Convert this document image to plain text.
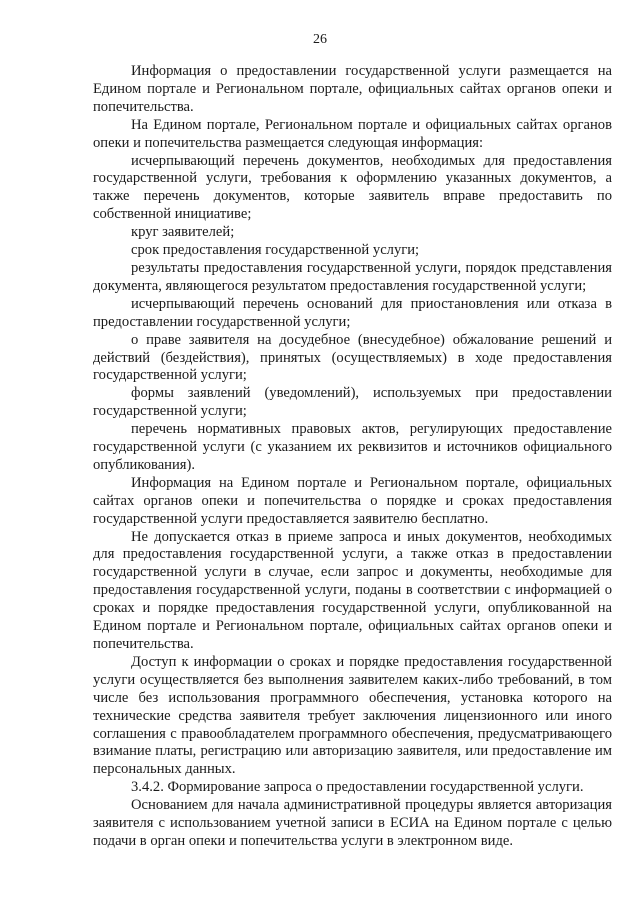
26

Информация о предоставлении государственной услуги размещается на Едином портале и Региональном портале, официальных сайтах органов опеки и попечительства.

На Едином портале, Региональном портале и официальных сайтах органов опеки и попечительства размещается следующая информация:

исчерпывающий перечень документов, необходимых для предоставления государственной услуги, требования к оформлению указанных документов, а также перечень документов, которые заявитель вправе предоставить по собственной инициативе;

круг заявителей;

срок предоставления государственной услуги;

результаты предоставления государственной услуги, порядок представления документа, являющегося результатом предоставления государственной услуги;

исчерпывающий перечень оснований для приостановления или отказа в предоставлении государственной услуги;

о праве заявителя на досудебное (внесудебное) обжалование решений и действий (бездействия), принятых (осуществляемых) в ходе предоставления государственной услуги;

формы заявлений (уведомлений), используемых при предоставлении государственной услуги;

перечень нормативных правовых актов, регулирующих предоставление государственной услуги (с указанием их реквизитов и источников официального опубликования).

Информация на Едином портале и Региональном портале, официальных сайтах органов опеки и попечительства о порядке и сроках предоставления государственной услуги предоставляется заявителю бесплатно.

Не допускается отказ в приеме запроса и иных документов, необходимых для предоставления государственной услуги, а также отказ в предоставлении государственной услуги в случае, если запрос и документы, необходимые для предоставления государственной услуги, поданы в соответствии с информацией о сроках и порядке предоставления государственной услуги, опубликованной на Едином портале и Региональном портале, официальных сайтах органов опеки и попечительства.

Доступ к информации о сроках и порядке предоставления государственной услуги осуществляется без выполнения заявителем каких-либо требований, в том числе без использования программного обеспечения, установка которого на технические средства заявителя требует заключения лицензионного или иного соглашения с правообладателем программного обеспечения, предусматривающего взимание платы, регистрацию или авторизацию заявителя, или предоставление им персональных данных.

3.4.2. Формирование запроса о предоставлении государственной услуги.

Основанием для начала административной процедуры является авторизация заявителя с использованием учетной записи в ЕСИА на Едином портале с целью подачи в орган опеки и попечительства услуги в электронном виде.
